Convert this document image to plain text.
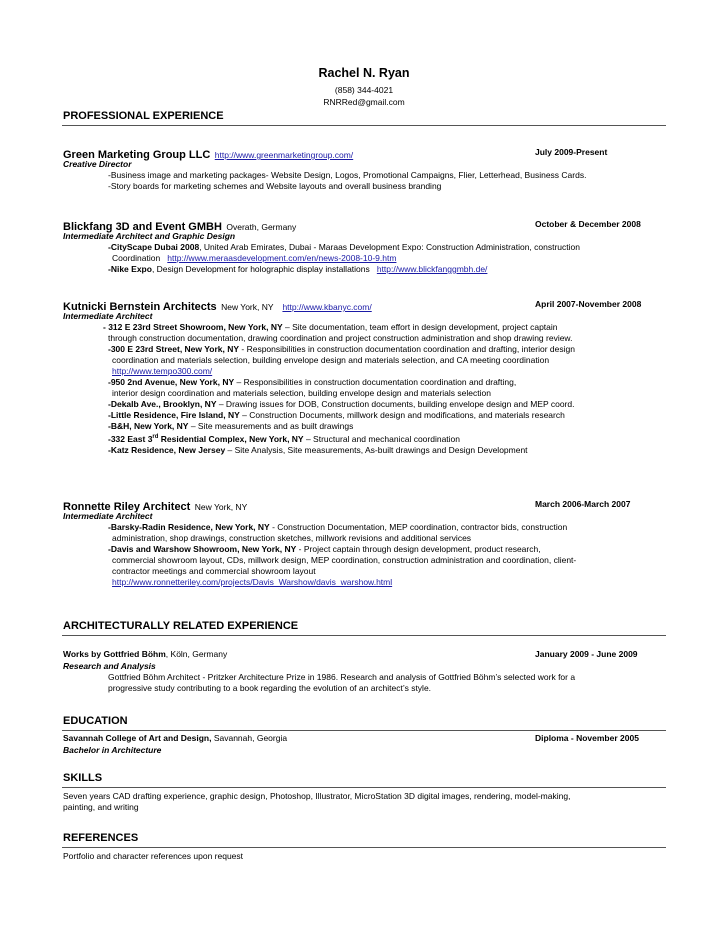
Rachel N. Ryan
(858) 344-4021
RNRRed@gmail.com
PROFESSIONAL EXPERIENCE
Green Marketing Group LLC http://www.greenmarketingroup.com/	July 2009-Present
Creative Director
-Business image and marketing packages- Website Design, Logos, Promotional Campaigns, Flier, Letterhead, Business Cards.
-Story boards for marketing schemes and Website layouts and overall business branding
Blickfang 3D and Event GMBH Overath, Germany	October & December 2008
Intermediate Architect and Graphic Design
-CityScape Dubai 2008, United Arab Emirates, Dubai - Maraas Development Expo: Construction Administration, construction
Coordination http://www.meraasdevelopment.com/en/news-2008-10-9.htm
-Nike Expo, Design Development for holographic display installations http://www.blickfanggmbh.de/
Kutnicki Bernstein Architects New York, NY http://www.kbanyc.com/	April 2007-November 2008
Intermediate Architect
- 312 E 23rd Street Showroom, New York, NY – Site documentation, team effort in design development, project captain
through construction documentation, drawing coordination and project construction administration and shop drawing review.
-300 E 23rd Street, New York, NY - Responsibilities in construction documentation coordination and drafting, interior design
coordination and materials selection, building envelope design and materials selection, and CA meeting coordination
http://www.tempo300.com/
-950 2nd Avenue, New York, NY – Responsibilities in construction documentation coordination and drafting,
interior design coordination and materials selection, building envelope design and materials selection
-Dekalb Ave., Brooklyn, NY – Drawing issues for DOB, Construction documents, building envelope design and MEP coord.
-Little Residence, Fire Island, NY – Construction Documents, millwork design and modifications, and materials research
-B&H, New York, NY – Site measurements and as built drawings
-332 East 3rd Residential Complex, New York, NY – Structural and mechanical coordination
-Katz Residence, New Jersey – Site Analysis, Site measurements, As-built drawings and Design Development
Ronnette Riley Architect New York, NY	March 2006-March 2007
Intermediate Architect
-Barsky-Radin Residence, New York, NY - Construction Documentation, MEP coordination, contractor bids, construction
administration, shop drawings, construction sketches, millwork revisions and additional services
-Davis and Warshow Showroom, New York, NY - Project captain through design development, product research,
commercial showroom layout, CDs, millwork design, MEP coordination, construction administration and coordination, client-
contractor meetings and commercial showroom layout
http://www.ronnetteriley.com/projects/Davis_Warshow/davis_warshow.html
ARCHITECTURALLY RELATED EXPERIENCE
Works by Gottfried Böhm, Köln, Germany	January 2009 - June 2009
Research and Analysis
Gottfried Böhm Architect - Pritzker Architecture Prize in 1986. Research and analysis of Gottfried Böhm’s selected work for a
progressive study contributing to a book regarding the evolution of an architect’s style.
EDUCATION
Savannah College of Art and Design, Savannah, Georgia	Diploma - November 2005
Bachelor in Architecture
SKILLS
Seven years CAD drafting experience, graphic design, Photoshop, Illustrator, MicroStation 3D digital images, rendering, model-making,
painting, and writing
REFERENCES
Portfolio and character references upon request
